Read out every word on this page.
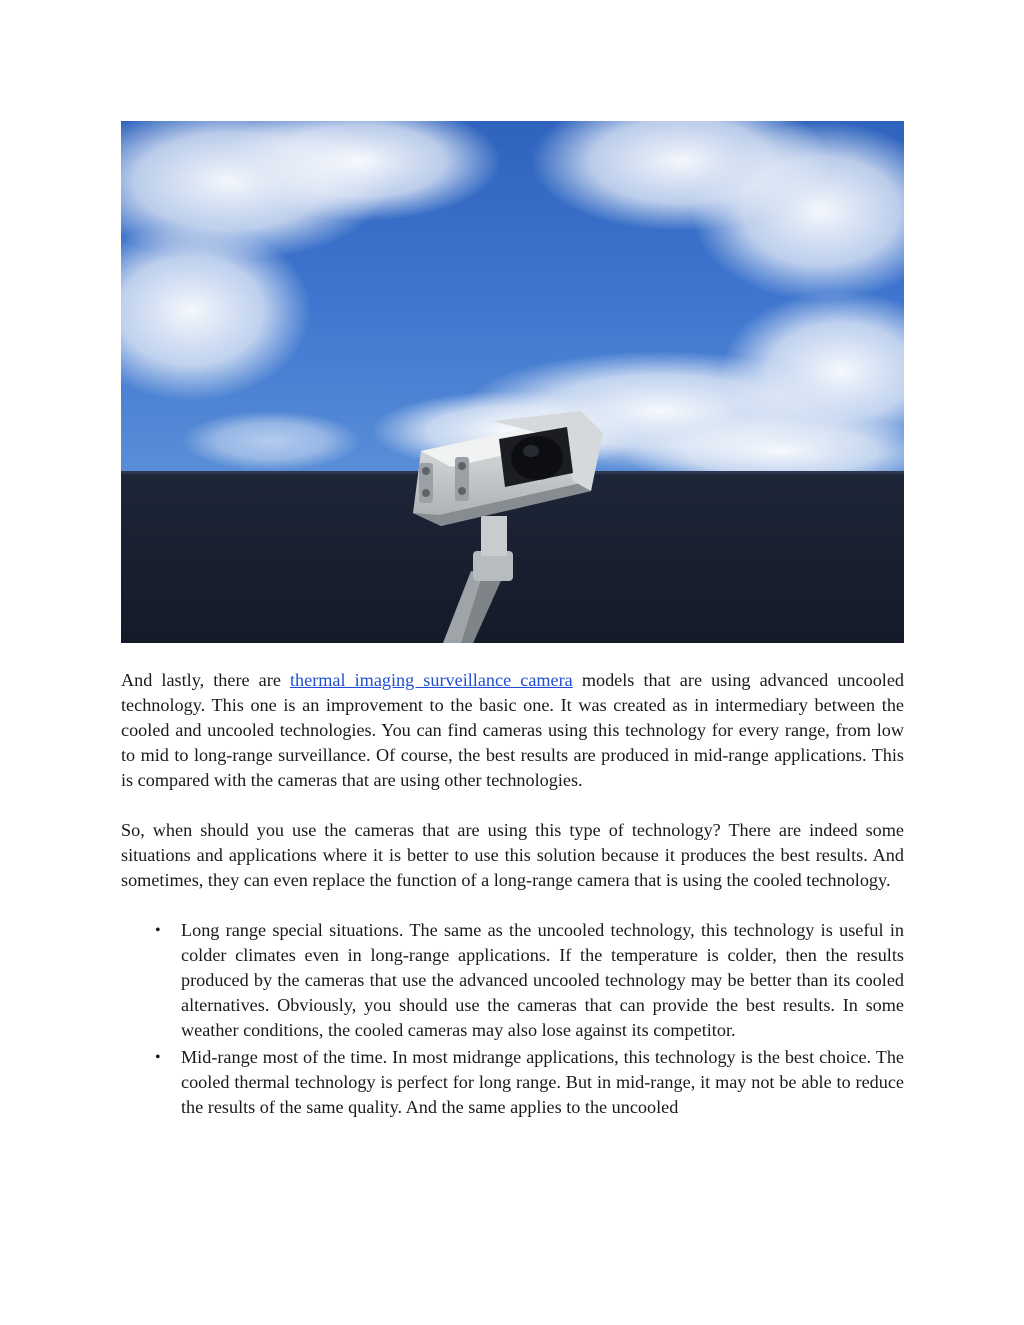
And lastly, there are thermal imaging surveillance camera models that are using advanced uncooled technology. This one is an improvement to the basic one. It was created as in intermediary between the cooled and uncooled technologies. You can find cameras using this technology for every range, from low to mid to long-range surveillance. Of course, the best results are produced in mid-range applications. This is compared with the cameras that are using other technologies.

So, when should you use the cameras that are using this type of technology? There are indeed some situations and applications where it is better to use this solution because it produces the best results. And sometimes, they can even replace the function of a long-range camera that is using the cooled technology.

• Long range special situations. The same as the uncooled technology, this technology is useful in colder climates even in long-range applications. If the temperature is colder, then the results produced by the cameras that use the advanced uncooled technology may be better than its cooled alternatives. Obviously, you should use the cameras that can provide the best results. In some weather conditions, the cooled cameras may also lose against its competitor.
• Mid-range most of the time. In most midrange applications, this technology is the best choice. The cooled thermal technology is perfect for long range. But in mid-range, it may not be able to reduce the results of the same quality. And the same applies to the uncooled
